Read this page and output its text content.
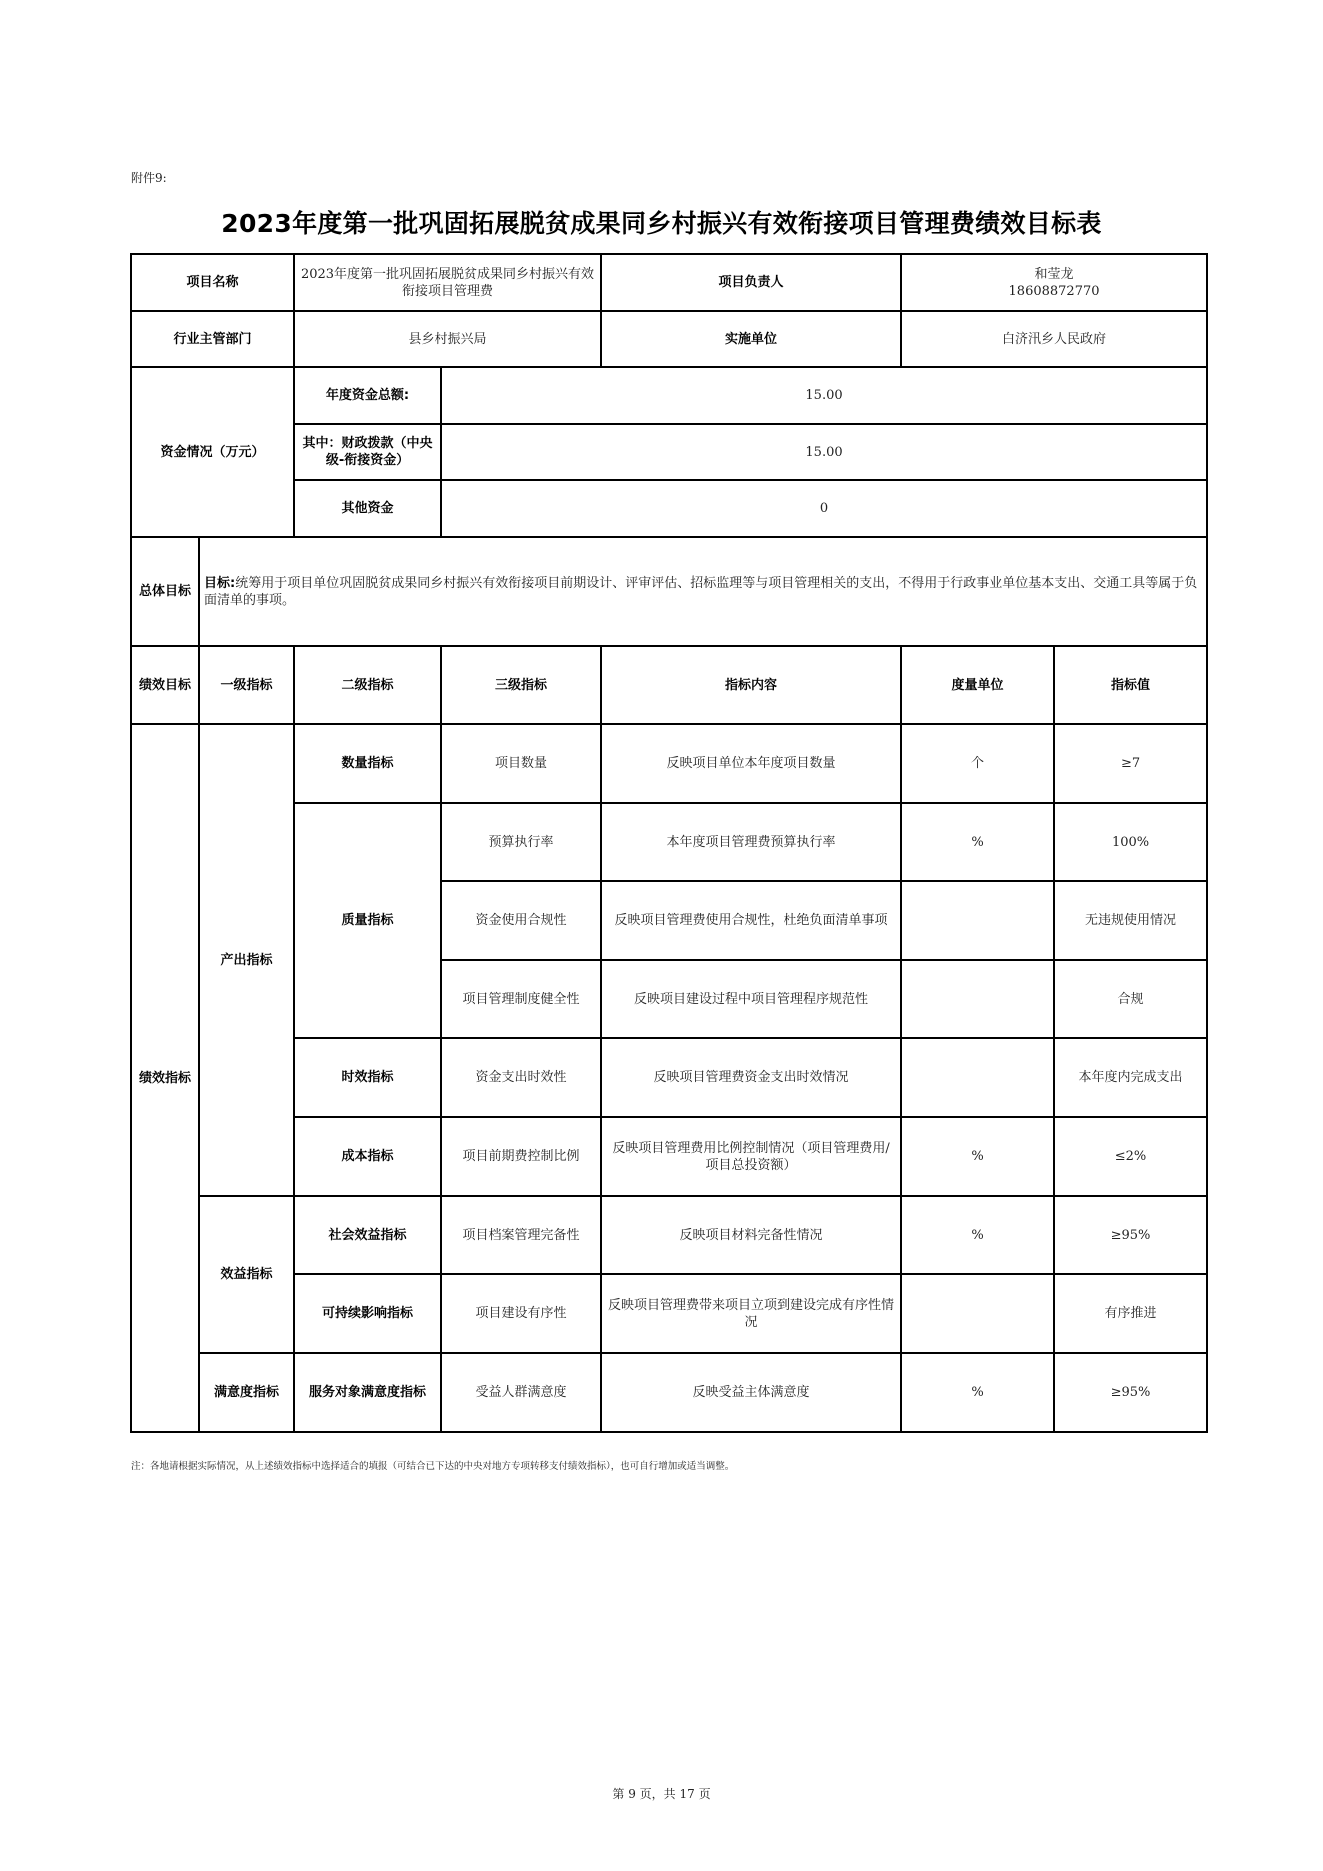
附件9:
2023年度第一批巩固拓展脱贫成果同乡村振兴有效衔接项目管理费绩效目标表
项目名称		2023年度第一批巩固拓展脱贫成果同乡村振兴有效衔接项目管理费		项目负责人	和莹龙
18608872770	

行业主管部门		县乡村振兴局		实施单位	白济汛乡人民政府	
资金情况（万元）		年度资金总额:	15.00			
		其中：财政拨款（中央级-衔接资金）	15.00			
		其他资金	0			
总体目标	目标:统筹用于项目单位巩固脱贫成果同乡村振兴有效衔接项目前期设计、评审评估、招标监理等与项目管理相关的支出，不得用于行政事业单位基本支出、交通工具等属于负面清单的事项。					
绩效目标	一级指标	二级指标	三级指标	指标内容	度量单位	指标值
绩效指标	产出指标	数量指标	项目数量	反映项目单位本年度项目数量	个	≥7
		质量指标	预算执行率	本年度项目管理费预算执行率	%	100%
			资金使用合规性	反映项目管理费使用合规性，杜绝负面清单事项		无违规使用情况
			项目管理制度健全性	反映项目建设过程中项目管理程序规范性		合规
		时效指标	资金支出时效性	反映项目管理费资金支出时效情况		本年度内完成支出
		成本指标	项目前期费控制比例	反映项目管理费用比例控制情况（项目管理费用/项目总投资额）	%	≤2%
	效益指标	社会效益指标	项目档案管理完备性	反映项目材料完备性情况	%	≥95%
		可持续影响指标	项目建设有序性	反映项目管理费带来项目立项到建设完成有序性情况		有序推进
	满意度指标	服务对象满意度指标	受益人群满意度	反映受益主体满意度	%	≥95%
注：各地请根据实际情况，从上述绩效指标中选择适合的填报（可结合已下达的中央对地方专项转移支付绩效指标），也可自行增加或适当调整。
第 9 页，共 17 页
